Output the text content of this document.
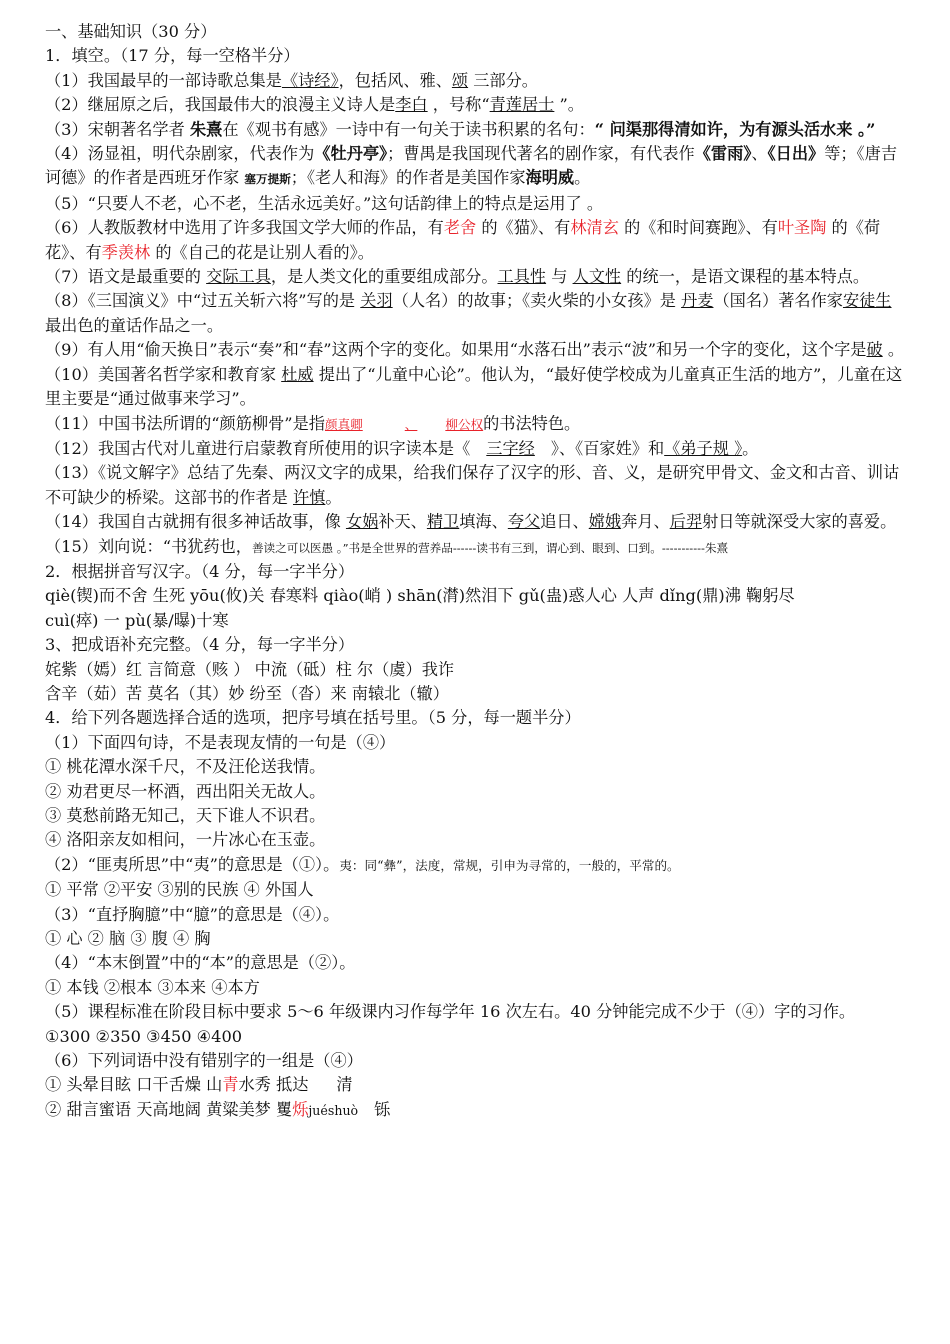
一、基础知识（30 分）
1．填空。（17 分，每一空格半分）
（1）我国最早的一部诗歌总集是《诗经》，包括风、雅、颂 三部分。
（2）继屈原之后，我国最伟大的浪漫主义诗人是李白 ，号称“青莲居士 ”。
（3）宋朝著名学者 朱熹在《观书有感》一诗中有一句关于读书积累的名句：“ 问渠那得清如许，为有源头活水来 。”
（4）汤显祖，明代杂剧家，代表作为《牡丹亭》；曹禺是我国现代著名的剧作家，有代表作《雷雨》、《日出》等；《唐吉诃德》的作者是西班牙作家 塞万提斯；《老人和海》的作者是美国作家海明威。
（5）“只要人不老，心不老，生活永远美好。”这句话韵律上的特点是运用了 。
（6）人教版教材中选用了许多我国文学大师的作品，有老舍 的《猫》、有林清玄 的《和时间赛跑》、有叶圣陶 的《荷花》、有季羡林 的《自己的花是让别人看的》。
（7）语文是最重要的 交际工具，是人类文化的重要组成部分。工具性 与 人文性 的统一，是语文课程的基本特点。
（8）《三国演义》中“过五关斩六将”写的是 关羽（人名）的故事；《卖火柴的小女孩》是 丹麦（国名）著名作家安徒生最出色的童话作品之一。
（9）有人用“偷天换日”表示“奏”和“春”这两个字的变化。如果用“水落石出”表示“波”和另一个字的变化，这个字是破 。
（10）美国著名哲学家和教育家 杜威 提出了“儿童中心论”。他认为，“最好使学校成为儿童真正生活的地方”，儿童在这里主要是“通过做事来学习”。
（11）中国书法所谓的“颜筋柳骨”是指颜真卿	、 柳公权的书法特色。
（12）我国古代对儿童进行启蒙教育所使用的识字读本是《 三字经 》、《百家姓》和《弟子规 》。
（13）《说文解字》总结了先秦、两汉文字的成果，给我们保存了汉字的形、音、义，是研究甲骨文、金文和古音、训诂不可缺少的桥梁。这部书的作者是 许慎。
（14）我国自古就拥有很多神话故事，像 女娲补天、精卫填海、夸父追日、嫦娥奔月、后羿射日等就深受大家的喜爱。
（15）刘向说：“书犹药也，善读之可以医愚 。”书是全世界的营养品------读书有三到，谓心到、眼到、口到。-----------朱熹
2．根据拼音写汉字。（4 分，每一字半分）
qiè(锲)而不舍 生死 yōu(攸)关 春寒料 qiào(峭 ) shān(潸)然泪下 gǔ(蛊)惑人心 人声 dǐng(鼎)沸 鞠躬尽
cuì(瘁) 一 pù(暴/曝)十寒
3、把成语补充完整。（4 分，每一字半分）
姹紫（嫣）红 言简意（赅 ） 中流（砥）柱 尔（虞）我诈
含辛（茹）苦 莫名（其）妙 纷至（沓）来 南辕北（辙）
4．给下列各题选择合适的选项，把序号填在括号里。（5 分，每一题半分）
（1）下面四句诗，不是表现友情的一句是（④）
① 桃花潭水深千尺，不及汪伦送我情。
② 劝君更尽一杯酒，西出阳关无故人。
③ 莫愁前路无知己，天下谁人不识君。
④ 洛阳亲友如相问，一片冰心在玉壶。
（2）“匪夷所思”中“夷”的意思是（①）。夷：同“彝”，法度，常规，引申为寻常的，一般的，平常的。
① 平常 ②平安 ③别的民族 ④ 外国人
（3）“直抒胸臆”中“臆”的意思是（④）。
① 心 ② 脑 ③ 腹 ④ 胸
（4）“本末倒置”中的“本”的意思是（②）。
① 本钱 ②根本 ③本来 ④本方
（5）课程标准在阶段目标中要求 5～6 年级课内习作每学年 16 次左右。40 分钟能完成不少于（④）字的习作。
①300 ②350 ③450 ④400
（6）下列词语中没有错别字的一组是（④）
① 头晕目眩 口干舌燥 山青水秀 抵达 清
② 甜言蜜语 天高地阔 黄粱美梦 矍烁juéshuò 铄
